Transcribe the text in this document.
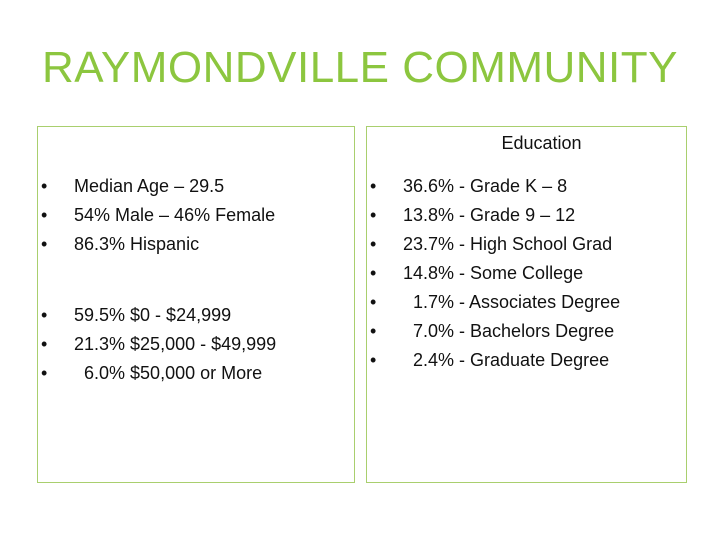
RAYMONDVILLE COMMUNITY
•	Median Age – 29.5
•	54% Male – 46% Female
•	86.3% Hispanic
•	59.5% $0 - $24,999
•	21.3% $25,000 - $49,999
•	6.0% $50,000 or More
Education
•	36.6% - Grade K – 8
•	13.8% - Grade 9 – 12
•	23.7% - High School Grad
•	14.8% - Some College
•	1.7% - Associates Degree
•	7.0% - Bachelors Degree
•	2.4% - Graduate Degree
